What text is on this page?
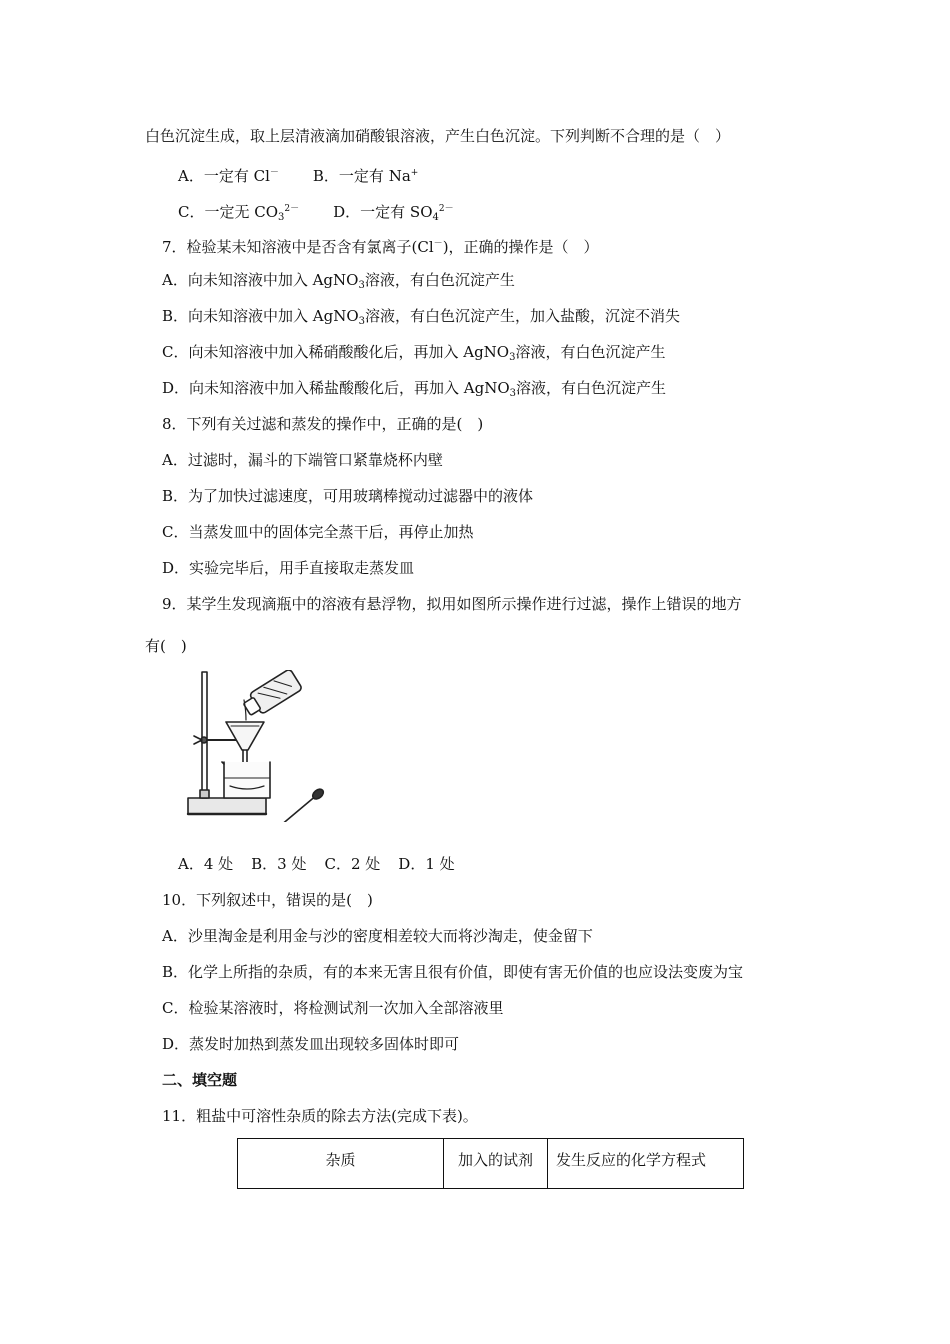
白色沉淀生成，取上层清液滴加硝酸银溶液，产生白色沉淀。下列判断不合理的是（　）
A．一定有 Cl－ B．一定有 Na+
C．一定无 $CO_3^{2-}$ D．一定有 $SO_4^{2-}$
7．检验某未知溶液中是否含有氯离子(Cl－)，正确的操作是（　）
A．向未知溶液中加入 AgNO$_3$溶液，有白色沉淀产生
B．向未知溶液中加入 AgNO$_3$溶液，有白色沉淀产生，加入盐酸，沉淀不消失
C．向未知溶液中加入稀硝酸酸化后，再加入 AgNO$_3$溶液，有白色沉淀产生
D．向未知溶液中加入稀盐酸酸化后，再加入 AgNO$_3$溶液，有白色沉淀产生
8．下列有关过滤和蒸发的操作中，正确的是(　)
A．过滤时，漏斗的下端管口紧靠烧杯内壁
B．为了加快过滤速度，可用玻璃棒搅动过滤器中的液体
C．当蒸发皿中的固体完全蒸干后，再停止加热
D．实验完毕后，用手直接取走蒸发皿
9．某学生发现滴瓶中的溶液有悬浮物，拟用如图所示操作进行过滤，操作上错误的地方
有(　)
A．4 处 B．3 处 C．2 处 D．1 处
10．下列叙述中，错误的是(　)
A．沙里淘金是利用金与沙的密度相差较大而将沙淘走，使金留下
B．化学上所指的杂质，有的本来无害且很有价值，即使有害无价值的也应设法变废为宝
C．检验某溶液时，将检测试剂一次加入全部溶液里
D．蒸发时加热到蒸发皿出现较多固体时即可
二、填空题
11．粗盐中可溶性杂质的除去方法(完成下表)。
杂质	加入的试剂	发生反应的化学方程式
